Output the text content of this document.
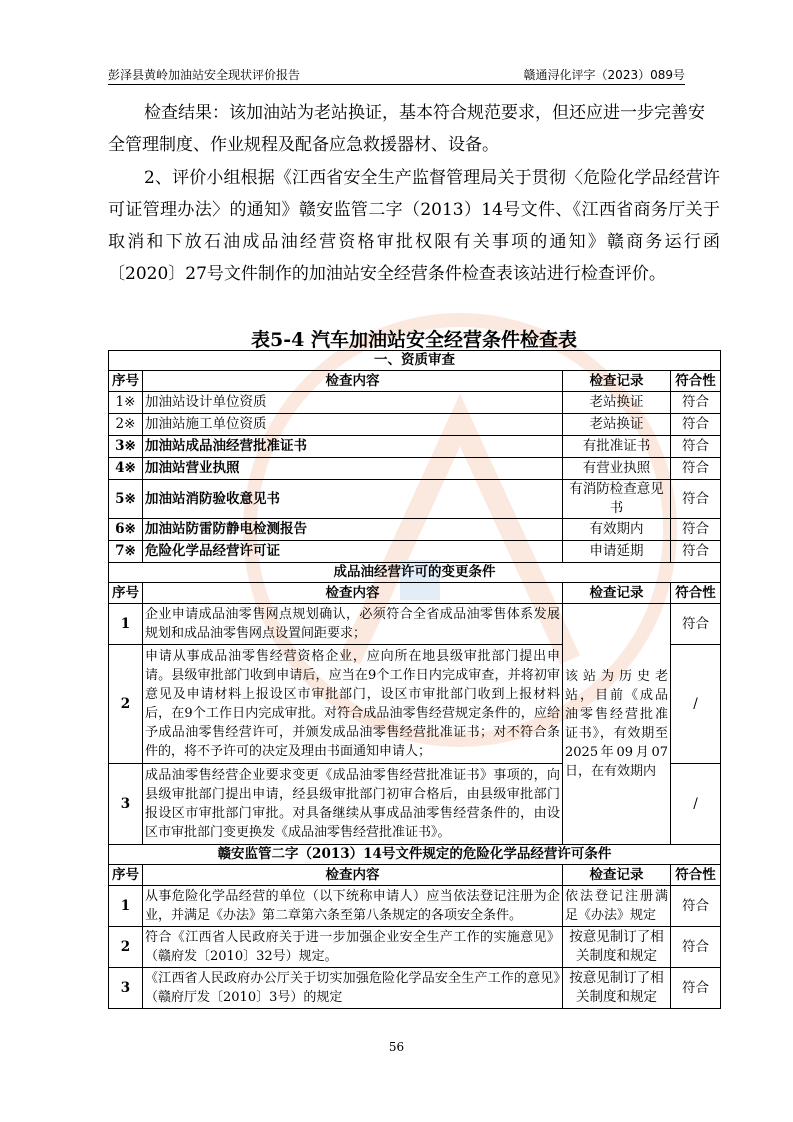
彭泽县黄岭加油站安全现状评价报告	赣通浔化评字（2023）089号
检查结果：该加油站为老站换证，基本符合规范要求，但还应进一步完善安全管理制度、作业规程及配备应急救援器材、设备。
2、评价小组根据《江西省安全生产监督管理局关于贯彻〈危险化学品经营许可证管理办法〉的通知》赣安监管二字（2013）14号文件、《江西省商务厅关于取消和下放石油成品油经营资格审批权限有关事项的通知》赣商务运行函〔2020〕27号文件制作的加油站安全经营条件检查表该站进行检查评价。
表5-4 汽车加油站安全经营条件检查表
一、资质审查			
序号	检查内容	检查记录	符合性
1※	加油站设计单位资质	老站换证	符合
2※	加油站施工单位资质	老站换证	符合
3※	加油站成品油经营批准证书	有批准证书	符合
4※	加油站营业执照	有营业执照	符合
5※	加油站消防验收意见书	有消防检查意见书	符合
6※	加油站防雷防静电检测报告	有效期内	符合
7※	危险化学品经营许可证	申请延期	符合
成品油经营许可的变更条件			
序号	检查内容	检查记录	符合性
1	企业申请成品油零售网点规划确认，必须符合全省成品油零售体系发展规划和成品油零售网点设置间距要求；	该站为历史老站，目前《成品油零售经营批准证书》，有效期至2025年09月07日，在有效期内	符合
2	申请从事成品油零售经营资格企业，应向所在地县级审批部门提出申请。县级审批部门收到申请后，应当在9个工作日内完成审查，并将初审意见及申请材料上报设区市审批部门，设区市审批部门收到上报材料后，在9个工作日内完成审批。对符合成品油零售经营规定条件的，应给予成品油零售经营许可，并颁发成品油零售经营批准证书；对不符合条件的，将不予许可的决定及理由书面通知申请人；		/
3	成品油零售经营企业要求变更《成品油零售经营批准证书》事项的，向县级审批部门提出申请，经县级审批部门初审合格后，由县级审批部门报设区市审批部门审批。对具备继续从事成品油零售经营条件的，由设区市审批部门变更换发《成品油零售经营批准证书》。		/
赣安监管二字（2013）14号文件规定的危险化学品经营许可条件			
序号	检查内容	检查记录	符合性
1	从事危险化学品经营的单位（以下统称申请人）应当依法登记注册为企业，并满足《办法》第二章第六条至第八条规定的各项安全条件。	依法登记注册满足《办法》规定	符合
2	符合《江西省人民政府关于进一步加强企业安全生产工作的实施意见》（赣府发〔2010〕32号）规定。	按意见制订了相关制度和规定	符合
3	《江西省人民政府办公厅关于切实加强危险化学品安全生产工作的意见》（赣府厅发〔2010〕3号）的规定	按意见制订了相关制度和规定	符合
56
